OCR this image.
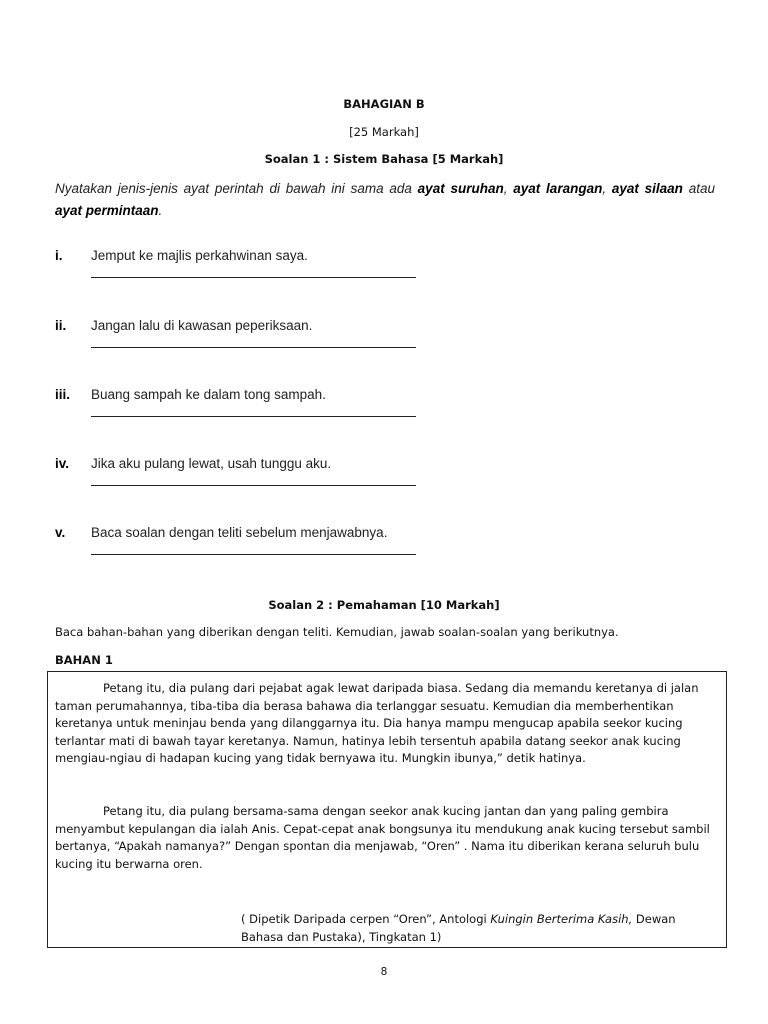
BAHAGIAN B
[25 Markah]
Soalan 1 : Sistem Bahasa [5 Markah]
Nyatakan jenis-jenis ayat perintah di bawah ini sama ada ayat suruhan, ayat larangan, ayat silaan atau ayat permintaan.
i. Jemput ke majlis perkahwinan saya.
ii. Jangan lalu di kawasan peperiksaan.
iii. Buang sampah ke dalam tong sampah.
iv. Jika aku pulang lewat, usah tunggu aku.
v. Baca soalan dengan teliti sebelum menjawabnya.
Soalan 2 : Pemahaman [10 Markah]
Baca bahan-bahan yang diberikan dengan teliti. Kemudian, jawab soalan-soalan yang berikutnya.
BAHAN 1

Petang itu, dia pulang dari pejabat agak lewat daripada biasa. Sedang dia memandu keretanya di jalan taman perumahannya, tiba-tiba dia berasa bahawa dia terlanggar sesuatu. Kemudian dia memberhentikan keretanya untuk meninjau benda yang dilanggarnya itu. Dia hanya mampu mengucap apabila seekor kucing terlantar mati di bawah tayar keretanya. Namun, hatinya lebih tersentuh apabila datang seekor anak kucing mengiau-ngiau di hadapan kucing yang tidak bernyawa itu. Mungkin ibunya,” detik hatinya.

Petang itu, dia pulang bersama-sama dengan seekor anak kucing jantan dan yang paling gembira menyambut kepulangan dia ialah Anis. Cepat-cepat anak bongsunya itu mendukung anak kucing tersebut sambil bertanya, “Apakah namanya?” Dengan spontan dia menjawab, “Oren” . Nama itu diberikan kerana seluruh bulu kucing itu berwarna oren.

( Dipetik Daripada cerpen “Oren”, Antologi Kuingin Berterima Kasih, Dewan Bahasa dan Pustaka), Tingkatan 1)
8
